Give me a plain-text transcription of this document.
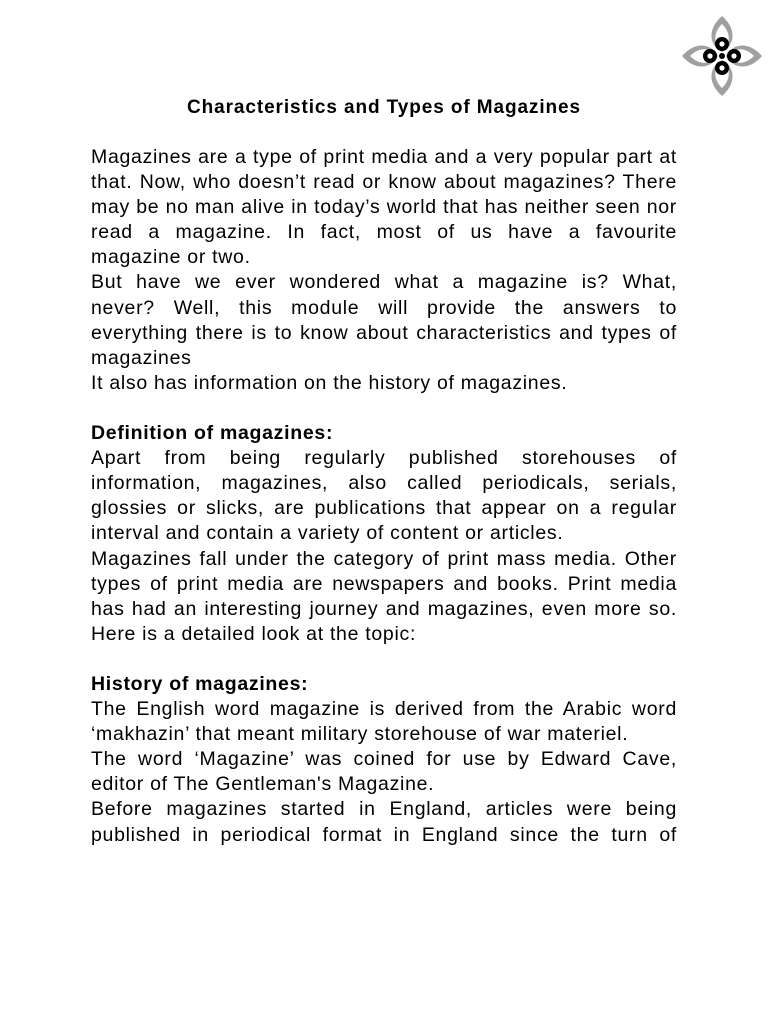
Characteristics and Types of Magazines

Magazines are a type of print media and a very popular part at that. Now, who doesn’t read or know about magazines? There may be no man alive in today’s world that has neither seen nor read a magazine. In fact, most of us have a favourite magazine or two.

But have we ever wondered what a magazine is? What, never? Well, this module will provide the answers to everything there is to know about characteristics and types of magazines

It also has information on the history of magazines.

Definition of magazines:

Apart from being regularly published storehouses of information, magazines, also called periodicals, serials, glossies or slicks, are publications that appear on a regular interval and contain a variety of content or articles.

Magazines fall under the category of print mass media. Other types of print media are newspapers and books. Print media has had an interesting journey and magazines, even more so. Here is a detailed look at the topic:

History of magazines:

The English word magazine is derived from the Arabic word ‘makhazin’ that meant military storehouse of war materiel.

The word ‘Magazine’ was coined for use by Edward Cave, editor of The Gentleman's Magazine.

Before magazines started in England, articles were being published in periodical format in England since the turn of
